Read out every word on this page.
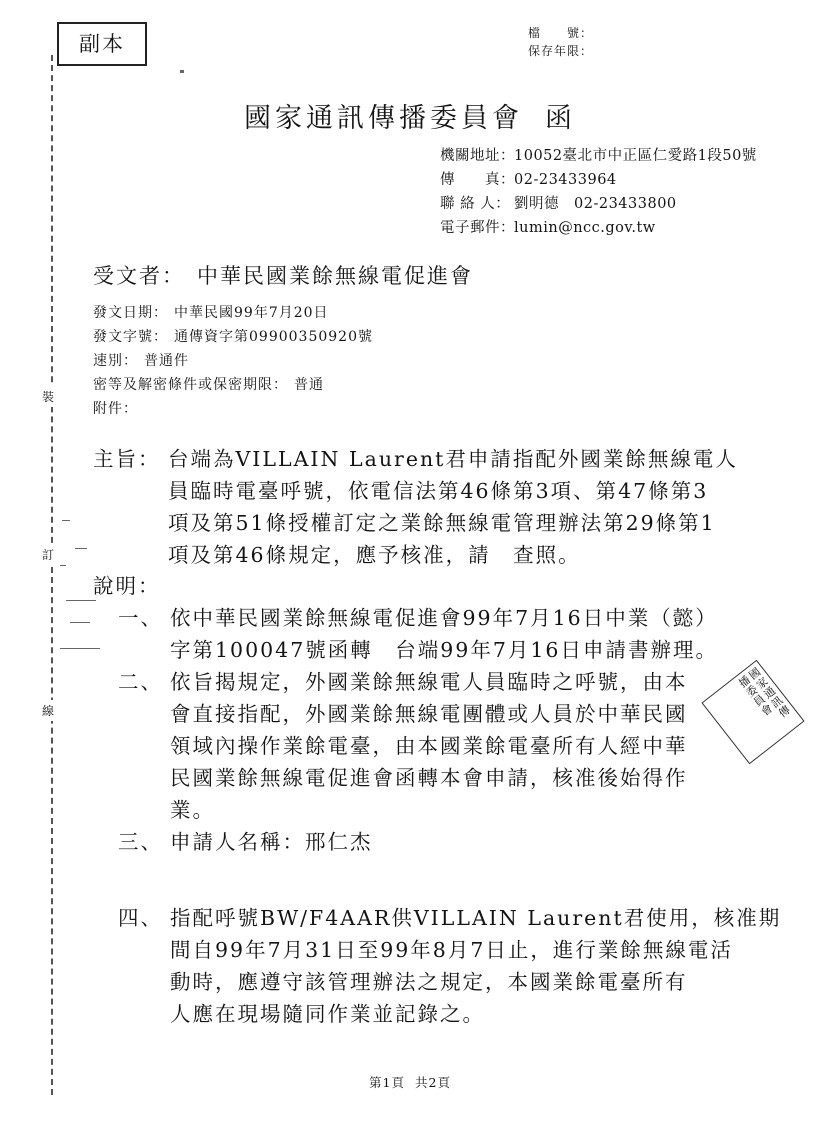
裝
訂
線
副本	檔　　號：
保存年限：
國家通訊傳播委員會 函
機關地址：10052臺北市中正區仁愛路1段50號
傳　　真：02-23433964
聯 絡 人： 劉明德　02-23433800
電子郵件：lumin@ncc.gov.tw
受文者： 中華民國業餘無線電促進會
發文日期： 中華民國99年7月20日
發文字號： 通傳資字第09900350920號
速別： 普通件
密等及解密條件或保密期限： 普通
附件：
主旨： 台端為VILLAIN Laurent君申請指配外國業餘無線電人
員臨時電臺呼號，依電信法第46條第3項、第47條第3
項及第51條授權訂定之業餘無線電管理辦法第29條第1
項及第46條規定，應予核准，請　查照。
說明：
一、 依中華民國業餘無線電促進會99年7月16日中業（懿）
字第100047號函轉　台端99年7月16日申請書辦理。
二、 依旨揭規定，外國業餘無線電人員臨時之呼號，由本
會直接指配，外國業餘無線電團體或人員於中華民國
領域內操作業餘電臺，由本國業餘電臺所有人經中華
民國業餘無線電促進會函轉本會申請，核准後始得作
業。
三、 申請人名稱：邢仁杰
四、 指配呼號BW/F4AAR供VILLAIN Laurent君使用，核准期
間自99年7月31日至99年8月7日止，進行業餘無線電活
動時，應遵守該管理辦法之規定，本國業餘電臺所有
人應在現場隨同作業並記錄之。
國家通訊傳播委員會
第1頁 共2頁
